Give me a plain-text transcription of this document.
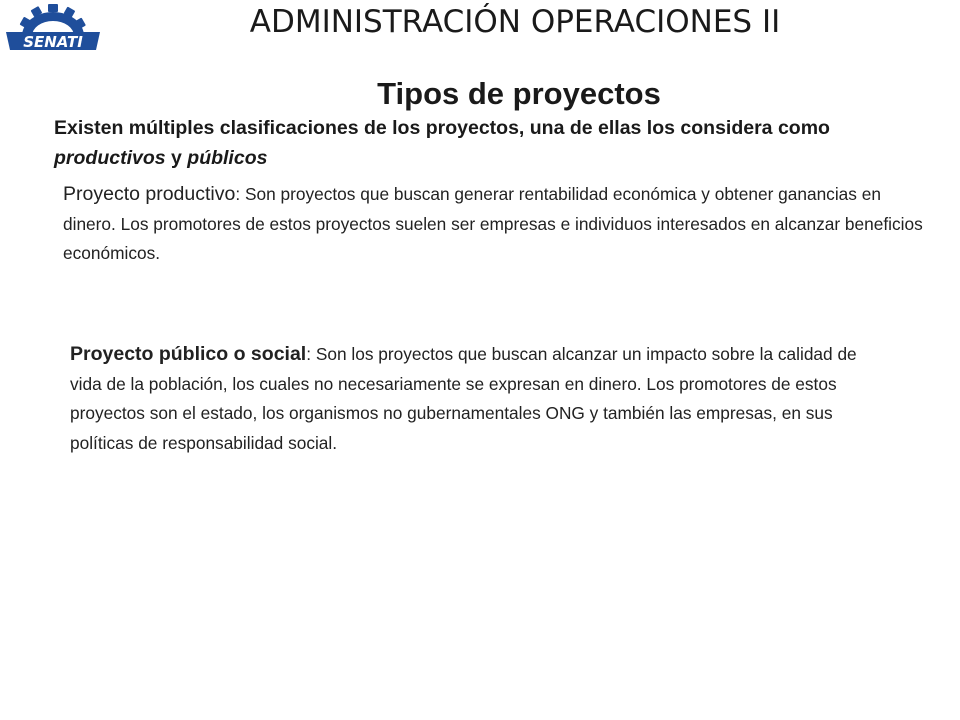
SENATI
ADMINISTRACIÓN OPERACIONES II
Tipos de proyectos
Existen múltiples clasificaciones de los proyectos, una de ellas los considera como productivos y públicos
Proyecto productivo: Son proyectos que buscan generar rentabilidad económica y obtener ganancias en dinero. Los promotores de estos proyectos suelen ser empresas e individuos interesados en alcanzar beneficios económicos.
Proyecto público o social: Son los proyectos que buscan alcanzar un impacto sobre la calidad de vida de la población, los cuales no necesariamente se expresan en dinero. Los promotores de estos proyectos son el estado, los organismos no gubernamentales ONG y también las empresas, en sus políticas de responsabilidad social.
